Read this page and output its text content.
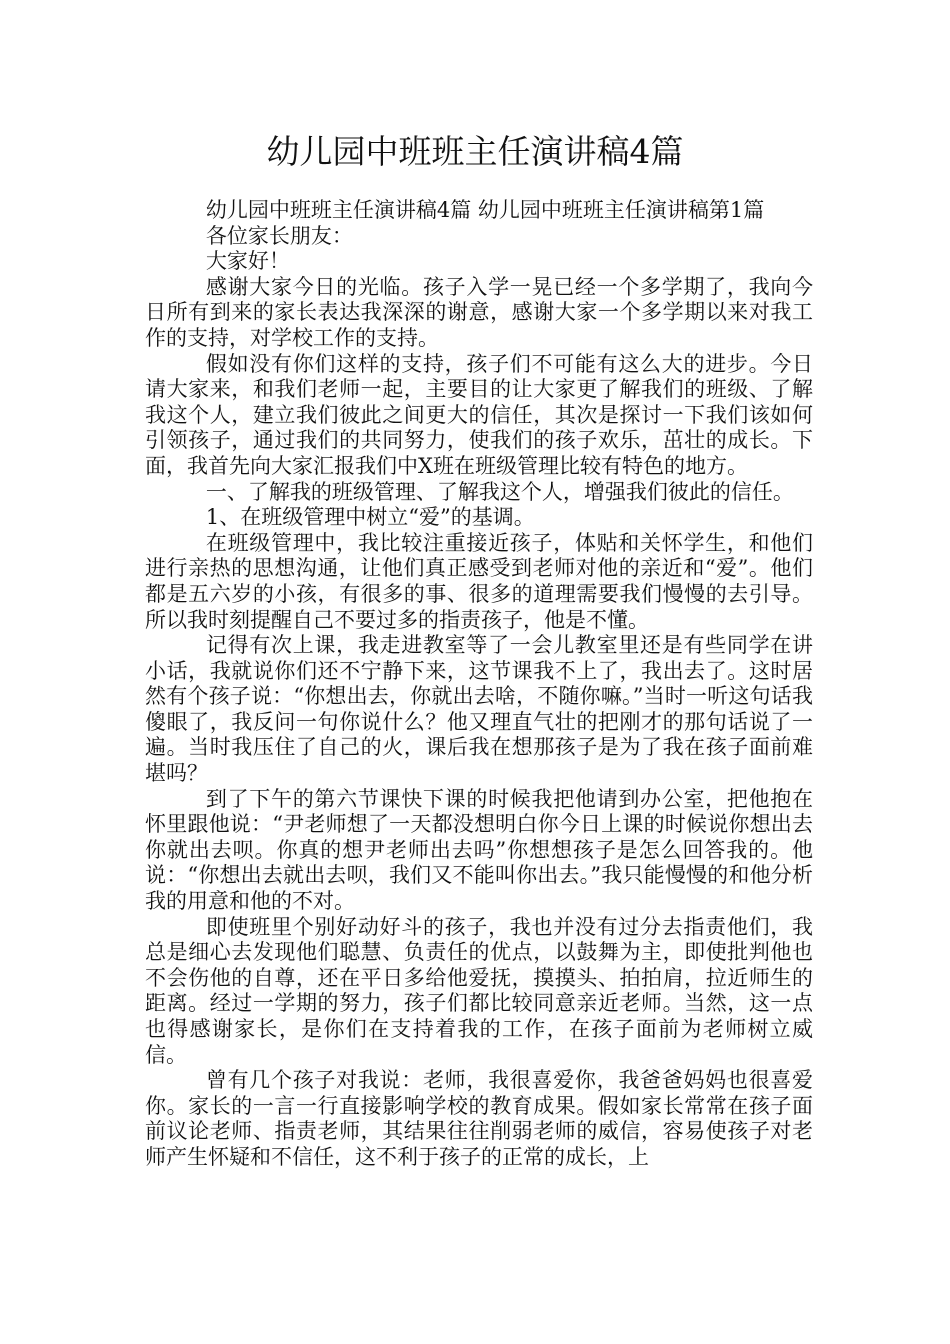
幼儿园中班班主任演讲稿4篇

幼儿园中班班主任演讲稿4篇 幼儿园中班班主任演讲稿第1篇

各位家长朋友：

大家好！

感谢大家今日的光临。孩子入学一晃已经一个多学期了，我向今日所有到来的家长表达我深深的谢意，感谢大家一个多学期以来对我工作的支持，对学校工作的支持。

假如没有你们这样的支持，孩子们不可能有这么大的进步。今日请大家来，和我们老师一起，主要目的让大家更了解我们的班级、了解我这个人，建立我们彼此之间更大的信任，其次是探讨一下我们该如何引领孩子，通过我们的共同努力，使我们的孩子欢乐，茁壮的成长。下面，我首先向大家汇报我们中X班在班级管理比较有特色的地方。

一、了解我的班级管理、了解我这个人，增强我们彼此的信任。

1、在班级管理中树立“爱”的基调。

在班级管理中，我比较注重接近孩子，体贴和关怀学生，和他们进行亲热的思想沟通，让他们真正感受到老师对他的亲近和“爱”。他们都是五六岁的小孩，有很多的事、很多的道理需要我们慢慢的去引导。所以我时刻提醒自己不要过多的指责孩子，他是不懂。

记得有次上课，我走进教室等了一会儿教室里还是有些同学在讲小话，我就说你们还不宁静下来，这节课我不上了，我出去了。这时居然有个孩子说：“你想出去，你就出去啥，不随你嘛。”当时一听这句话我傻眼了，我反问一句你说什么？他又理直气壮的把刚才的那句话说了一遍。当时我压住了自己的火，课后我在想那孩子是为了我在孩子面前难堪吗？

到了下午的第六节课快下课的时候我把他请到办公室，把他抱在怀里跟他说：“尹老师想了一天都没想明白你今日上课的时候说你想出去你就出去呗。你真的想尹老师出去吗”你想想孩子是怎么回答我的。他说：“你想出去就出去呗，我们又不能叫你出去。”我只能慢慢的和他分析我的用意和他的不对。

即使班里个别好动好斗的孩子，我也并没有过分去指责他们，我总是细心去发现他们聪慧、负责任的优点，以鼓舞为主，即使批判他也不会伤他的自尊，还在平日多给他爱抚，摸摸头、拍拍肩，拉近师生的距离。经过一学期的努力，孩子们都比较同意亲近老师。当然，这一点也得感谢家长，是你们在支持着我的工作，在孩子面前为老师树立威信。

曾有几个孩子对我说：老师，我很喜爱你，我爸爸妈妈也很喜爱你。家长的一言一行直接影响学校的教育成果。假如家长常常在孩子面前议论老师、指责老师，其结果往往削弱老师的威信，容易使孩子对老师产生怀疑和不信任，这不利于孩子的正常的成长，上
